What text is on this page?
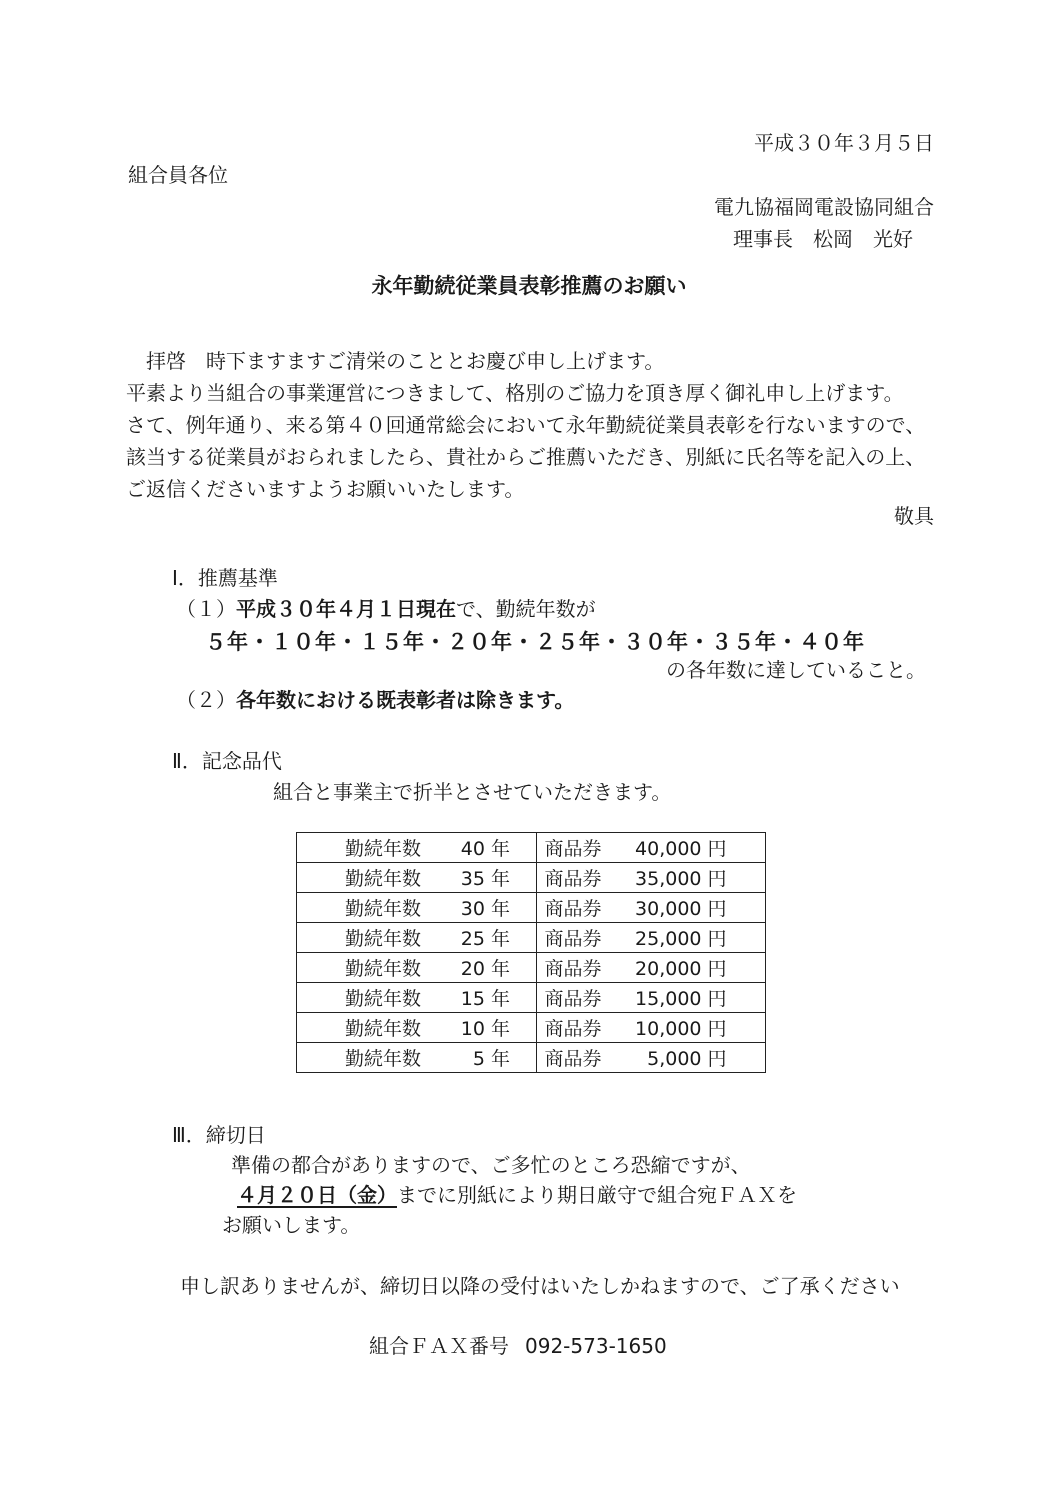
平成３０年３月５日
組合員各位
電九協福岡電設協同組合
理事長　松岡　光好
永年勤続従業員表彰推薦のお願い
　拝啓　時下ますますご清栄のこととお慶び申し上げます。
平素より当組合の事業運営につきまして、格別のご協力を頂き厚く御礼申し上げます。
さて、例年通り、来る第４０回通常総会において永年勤続従業員表彰を行ないますので、
該当する従業員がおられましたら、貴社からご推薦いただき、別紙に氏名等を記入の上、
ご返信くださいますようお願いいたします。
敬具
Ⅰ．推薦基準
（１）平成３０年４月１日現在で、勤続年数が
５年・１０年・１５年・２０年・２５年・３０年・３５年・４０年
の各年数に達していること。
（２）各年数における既表彰者は除きます。
Ⅱ．記念品代
組合と事業主で折半とさせていただきます。
勤続年数 40 年	商品券 40,000 円
勤続年数 35 年	商品券 35,000 円
勤続年数 30 年	商品券 30,000 円
勤続年数 25 年	商品券 25,000 円
勤続年数 20 年	商品券 20,000 円
勤続年数 15 年	商品券 15,000 円
勤続年数 10 年	商品券 10,000 円
勤続年数 5 年	商品券 5,000 円
Ⅲ．締切日
準備の都合がありますので、ご多忙のところ恐縮ですが、
４月２０日（金）までに別紙により期日厳守で組合宛ＦＡＸを
お願いします。
申し訳ありませんが、締切日以降の受付はいたしかねますので、ご了承ください
組合ＦＡＸ番号 092-573-1650
